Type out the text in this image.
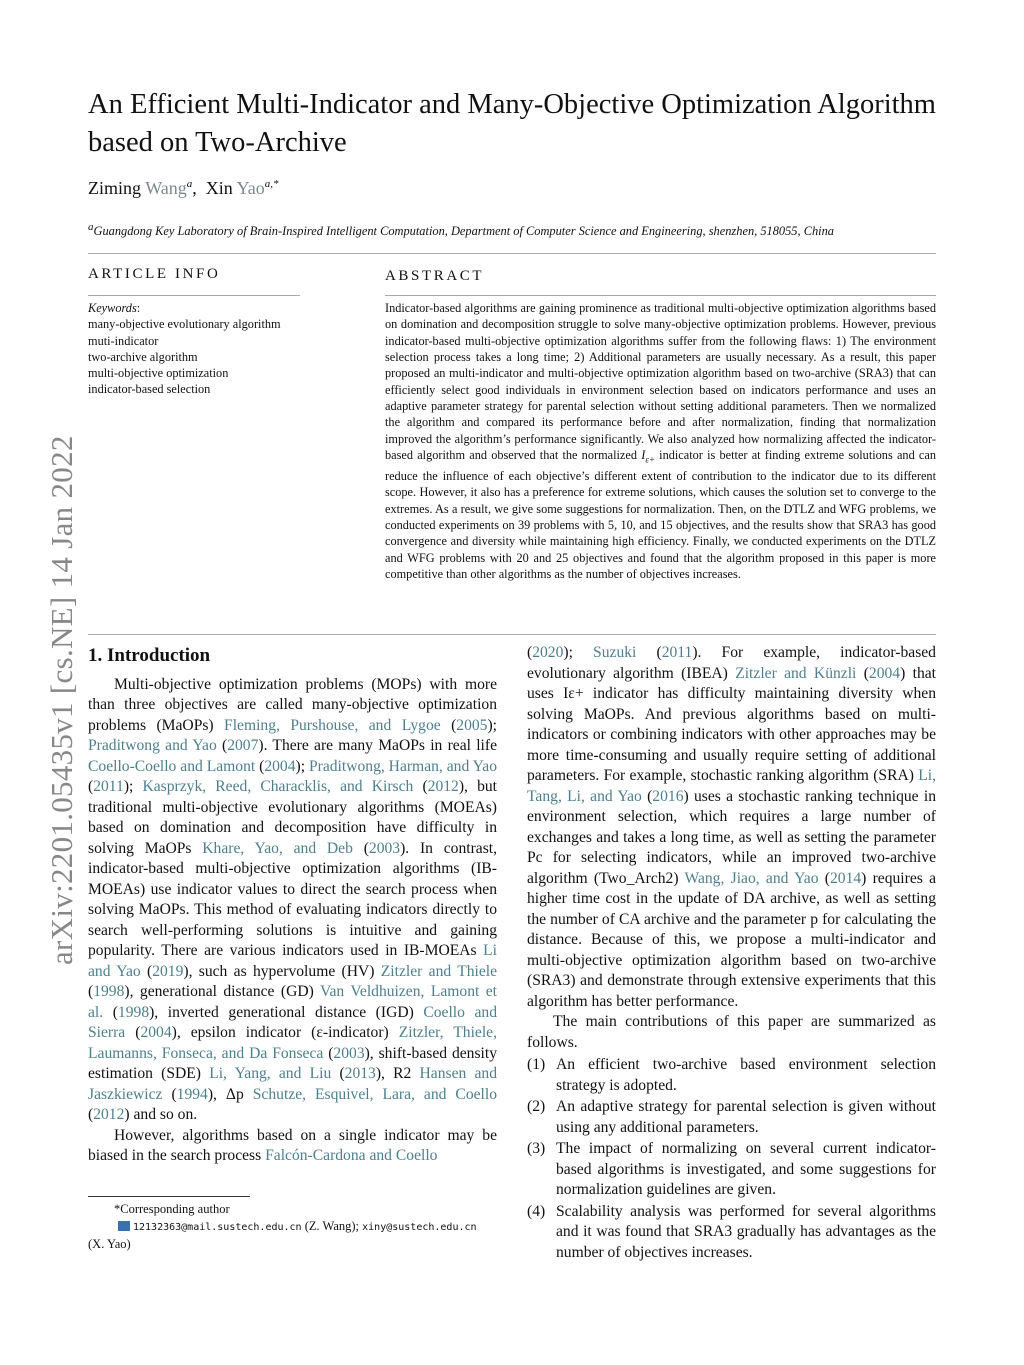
arXiv:2201.05435v1 [cs.NE] 14 Jan 2022
An Efficient Multi-Indicator and Many-Objective Optimization Algorithm based on Two-Archive
Ziming Wang$^a$,  Xin Yao$^{a,*}$
$^a$Guangdong Key Laboratory of Brain-Inspired Intelligent Computation, Department of Computer Science and Engineering, shenzhen, 518055, China
ARTICLE INFO	ABSTRACT
Keywords:
many-objective evolutionary algorithm
muti-indicator
two-archive algorithm
multi-objective optimization
indicator-based selection
Indicator-based algorithms are gaining prominence as traditional multi-objective optimization algorithms based on domination and decomposition struggle to solve many-objective optimization problems. However, previous indicator-based multi-objective optimization algorithms suffer from the following flaws: 1) The environment selection process takes a long time; 2) Additional parameters are usually necessary. As a result, this paper proposed an multi-indicator and multi-objective optimization algorithm based on two-archive (SRA3) that can efficiently select good individuals in environment selection based on indicators performance and uses an adaptive parameter strategy for parental selection without setting additional parameters. Then we normalized the algorithm and compared its performance before and after normalization, finding that normalization improved the algorithm’s performance significantly. We also analyzed how normalizing affected the indicator-based algorithm and observed that the normalized $I_{\varepsilon+}$ indicator is better at finding extreme solutions and can reduce the influence of each objective’s different extent of contribution to the indicator due to its different scope. However, it also has a preference for extreme solutions, which causes the solution set to converge to the extremes. As a result, we give some suggestions for normalization. Then, on the DTLZ and WFG problems, we conducted experiments on 39 problems with 5, 10, and 15 objectives, and the results show that SRA3 has good convergence and diversity while maintaining high efficiency. Finally, we conducted experiments on the DTLZ and WFG problems with 20 and 25 objectives and found that the algorithm proposed in this paper is more competitive than other algorithms as the number of objectives increases.
1. Introduction

Multi-objective optimization problems (MOPs) with more than three objectives are called many-objective optimization problems (MaOPs) Fleming, Purshouse, and Lygoe (2005); Praditwong and Yao (2007). There are many MaOPs in real life Coello-Coello and Lamont (2004); Praditwong, Harman, and Yao (2011); Kasprzyk, Reed, Characklis, and Kirsch (2012), but traditional multi-objective evolutionary algorithms (MOEAs) based on domination and decomposition have difficulty in solving MaOPs Khare, Yao, and Deb (2003). In contrast, indicator-based multi-objective optimization algorithms (IB-MOEAs) use indicator values to direct the search process when solving MaOPs. This method of evaluating indicators directly to search well-performing solutions is intuitive and gaining popularity. There are various indicators used in IB-MOEAs Li and Yao (2019), such as hypervolume (HV) Zitzler and Thiele (1998), generational distance (GD) Van Veldhuizen, Lamont et al. (1998), inverted generational distance (IGD) Coello and Sierra (2004), epsilon indicator (ε-indicator) Zitzler, Thiele, Laumanns, Fonseca, and Da Fonseca (2003), shift-based density estimation (SDE) Li, Yang, and Liu (2013), R2 Hansen and Jaszkiewicz (1994), Δp Schutze, Esquivel, Lara, and Coello (2012) and so on.

However, algorithms based on a single indicator may be biased in the search process Falcón-Cardona and Coello

*Corresponding author
12132363@mail.sustech.edu.cn (Z. Wang); xiny@sustech.edu.cn
(X. Yao)

(2020); Suzuki (2011). For example, indicator-based evolutionary algorithm (IBEA) Zitzler and Künzli (2004) that uses Iε+ indicator has difficulty maintaining diversity when solving MaOPs. And previous algorithms based on multi-indicators or combining indicators with other approaches may be more time-consuming and usually require setting of additional parameters. For example, stochastic ranking algorithm (SRA) Li, Tang, Li, and Yao (2016) uses a stochastic ranking technique in environment selection, which requires a large number of exchanges and takes a long time, as well as setting the parameter Pc for selecting indicators, while an improved two-archive algorithm (Two_Arch2) Wang, Jiao, and Yao (2014) requires a higher time cost in the update of DA archive, as well as setting the number of CA archive and the parameter p for calculating the distance. Because of this, we propose a multi-indicator and multi-objective optimization algorithm based on two-archive (SRA3) and demonstrate through extensive experiments that this algorithm has better performance.

The main contributions of this paper are summarized as follows.

(1) An efficient two-archive based environment selection strategy is adopted.
(2) An adaptive strategy for parental selection is given without using any additional parameters.
(3) The impact of normalizing on several current indicator-based algorithms is investigated, and some suggestions for normalization guidelines are given.
(4) Scalability analysis was performed for several algorithms and it was found that SRA3 gradually has advantages as the number of objectives increases.
